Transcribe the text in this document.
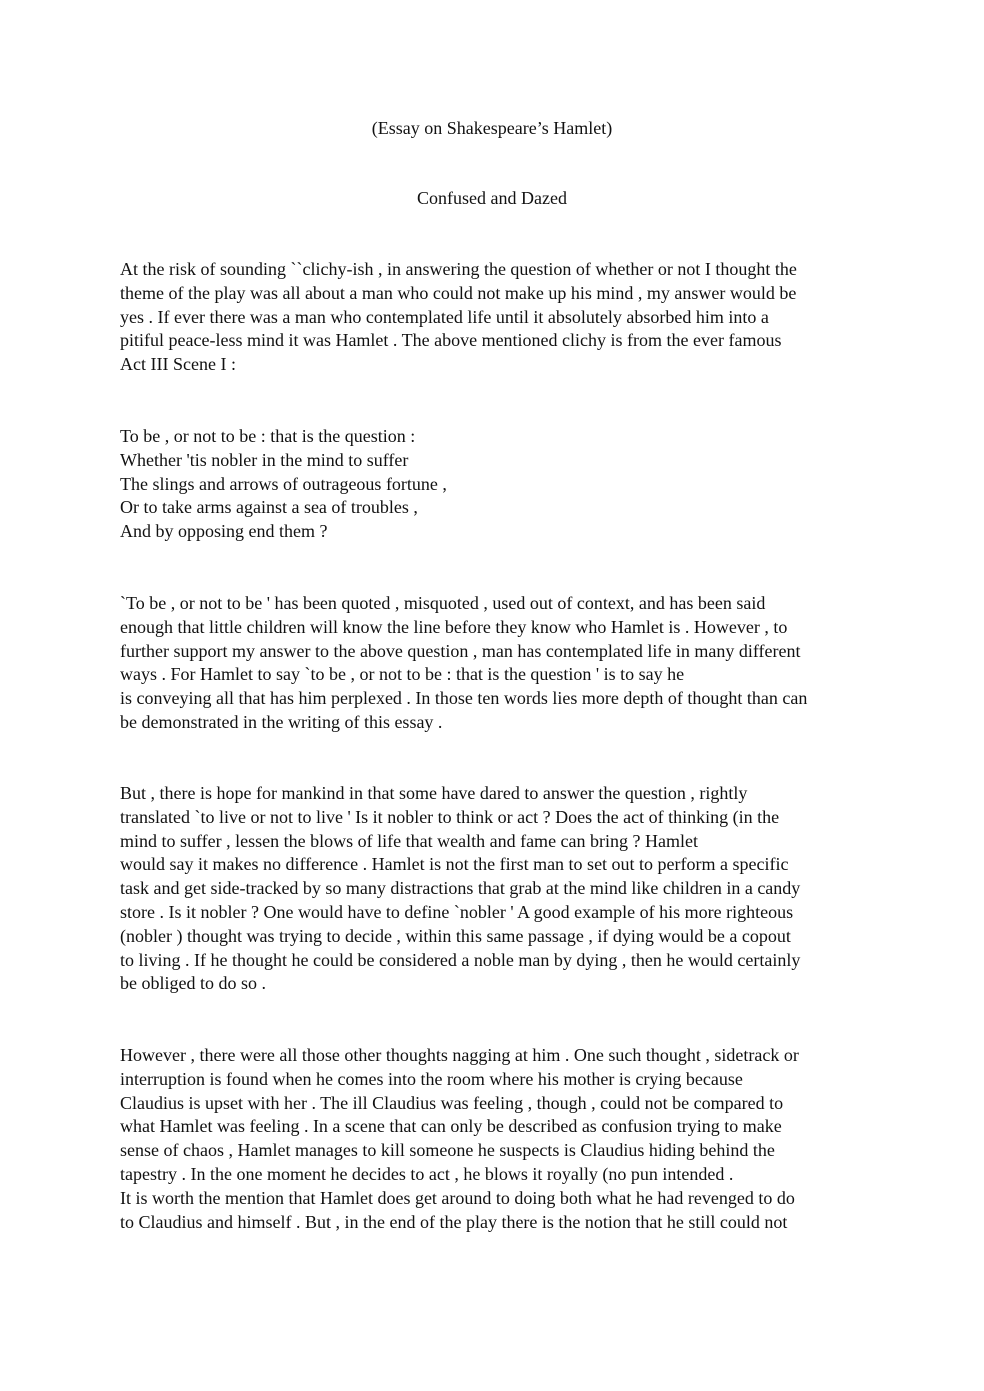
(Essay on Shakespeare’s Hamlet)
Confused and Dazed
At the risk of sounding ``clichy-ish , in answering the question of whether or not I thought the
theme of the play was all about a man who could not make up his mind , my answer would be
yes . If ever there was a man who contemplated life until it absolutely absorbed him into a
pitiful peace-less mind it was Hamlet . The above mentioned clichy is from the ever famous
Act III Scene I :
To be , or not to be : that is the question :
Whether 'tis nobler in the mind to suffer
The slings and arrows of outrageous fortune ,
Or to take arms against a sea of troubles ,
And by opposing end them ?
`To be , or not to be ' has been quoted , misquoted , used out of context, and has been said
enough that little children will know the line before they know who Hamlet is . However , to
further support my answer to the above question , man has contemplated life in many different
ways . For Hamlet to say `to be , or not to be : that is the question ' is to say he
is conveying all that has him perplexed . In those ten words lies more depth of thought than can
be demonstrated in the writing of this essay .
But , there is hope for mankind in that some have dared to answer the question , rightly
translated `to live or not to live ' Is it nobler to think or act ? Does the act of thinking (in the
mind to suffer , lessen the blows of life that wealth and fame can bring ? Hamlet
would say it makes no difference . Hamlet is not the first man to set out to perform a specific
task and get side-tracked by so many distractions that grab at the mind like children in a candy
store . Is it nobler ? One would have to define `nobler ' A good example of his more righteous
(nobler ) thought was trying to decide , within this same passage , if dying would be a copout
to living . If he thought he could be considered a noble man by dying , then he would certainly
be obliged to do so .
However , there were all those other thoughts nagging at him . One such thought , sidetrack or
interruption is found when he comes into the room where his mother is crying because
Claudius is upset with her . The ill Claudius was feeling , though , could not be compared to
what Hamlet was feeling . In a scene that can only be described as confusion trying to make
sense of chaos , Hamlet manages to kill someone he suspects is Claudius hiding behind the
tapestry . In the one moment he decides to act , he blows it royally (no pun intended .
It is worth the mention that Hamlet does get around to doing both what he had revenged to do
to Claudius and himself . But , in the end of the play there is the notion that he still could not
